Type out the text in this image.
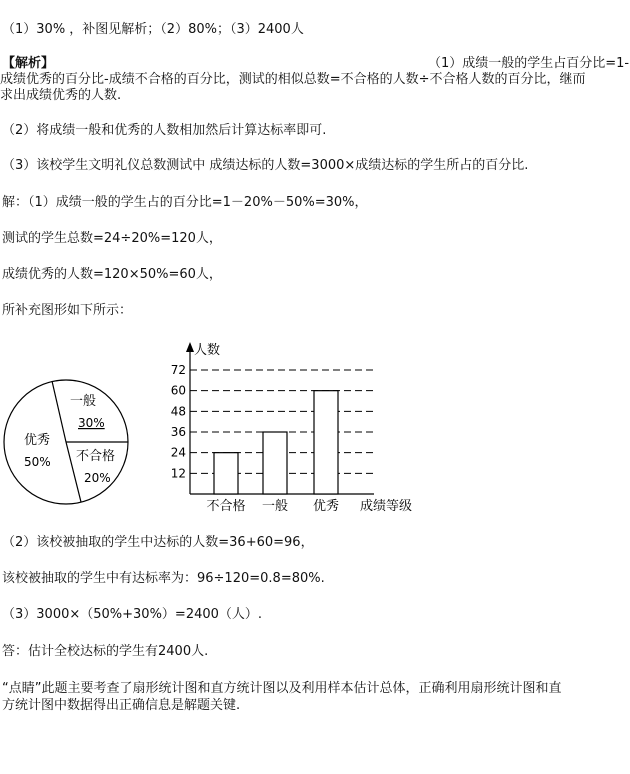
（1）30% ，补图见解析；（2）80%；（3）2400人
【解析】	（1）成绩一般的学生占百分比=1-
成绩优秀的百分比-成绩不合格的百分比，测试的相似总数=不合格的人数÷不合格人数的百分比，继而
求出成绩优秀的人数.
（2）将成绩一般和优秀的人数相加然后计算达标率即可.
（3）该校学生文明礼仪总数测试中 成绩达标的人数=3000×成绩达标的学生所占的百分比.
解：（1）成绩一般的学生占的百分比=1－20%－50%=30%，
测试的学生总数=24÷20%=120人，
成绩优秀的人数=120×50%=60人，
所补充图形如下所示：
一般
30%
不合格
20%
优秀
50%
人数
成绩等级
12
24
36
48
60
72
不合格 一般 优秀
（2）该校被抽取的学生中达标的人数=36+60=96，
该校被抽取的学生中有达标率为：96÷120=0.8=80%.
（3）3000×（50%+30%）=2400（人）.
答：估计全校达标的学生有2400人.
“点睛”此题主要考查了扇形统计图和直方统计图以及利用样本估计总体，正确利用扇形统计图和直
方统计图中数据得出正确信息是解题关键.
